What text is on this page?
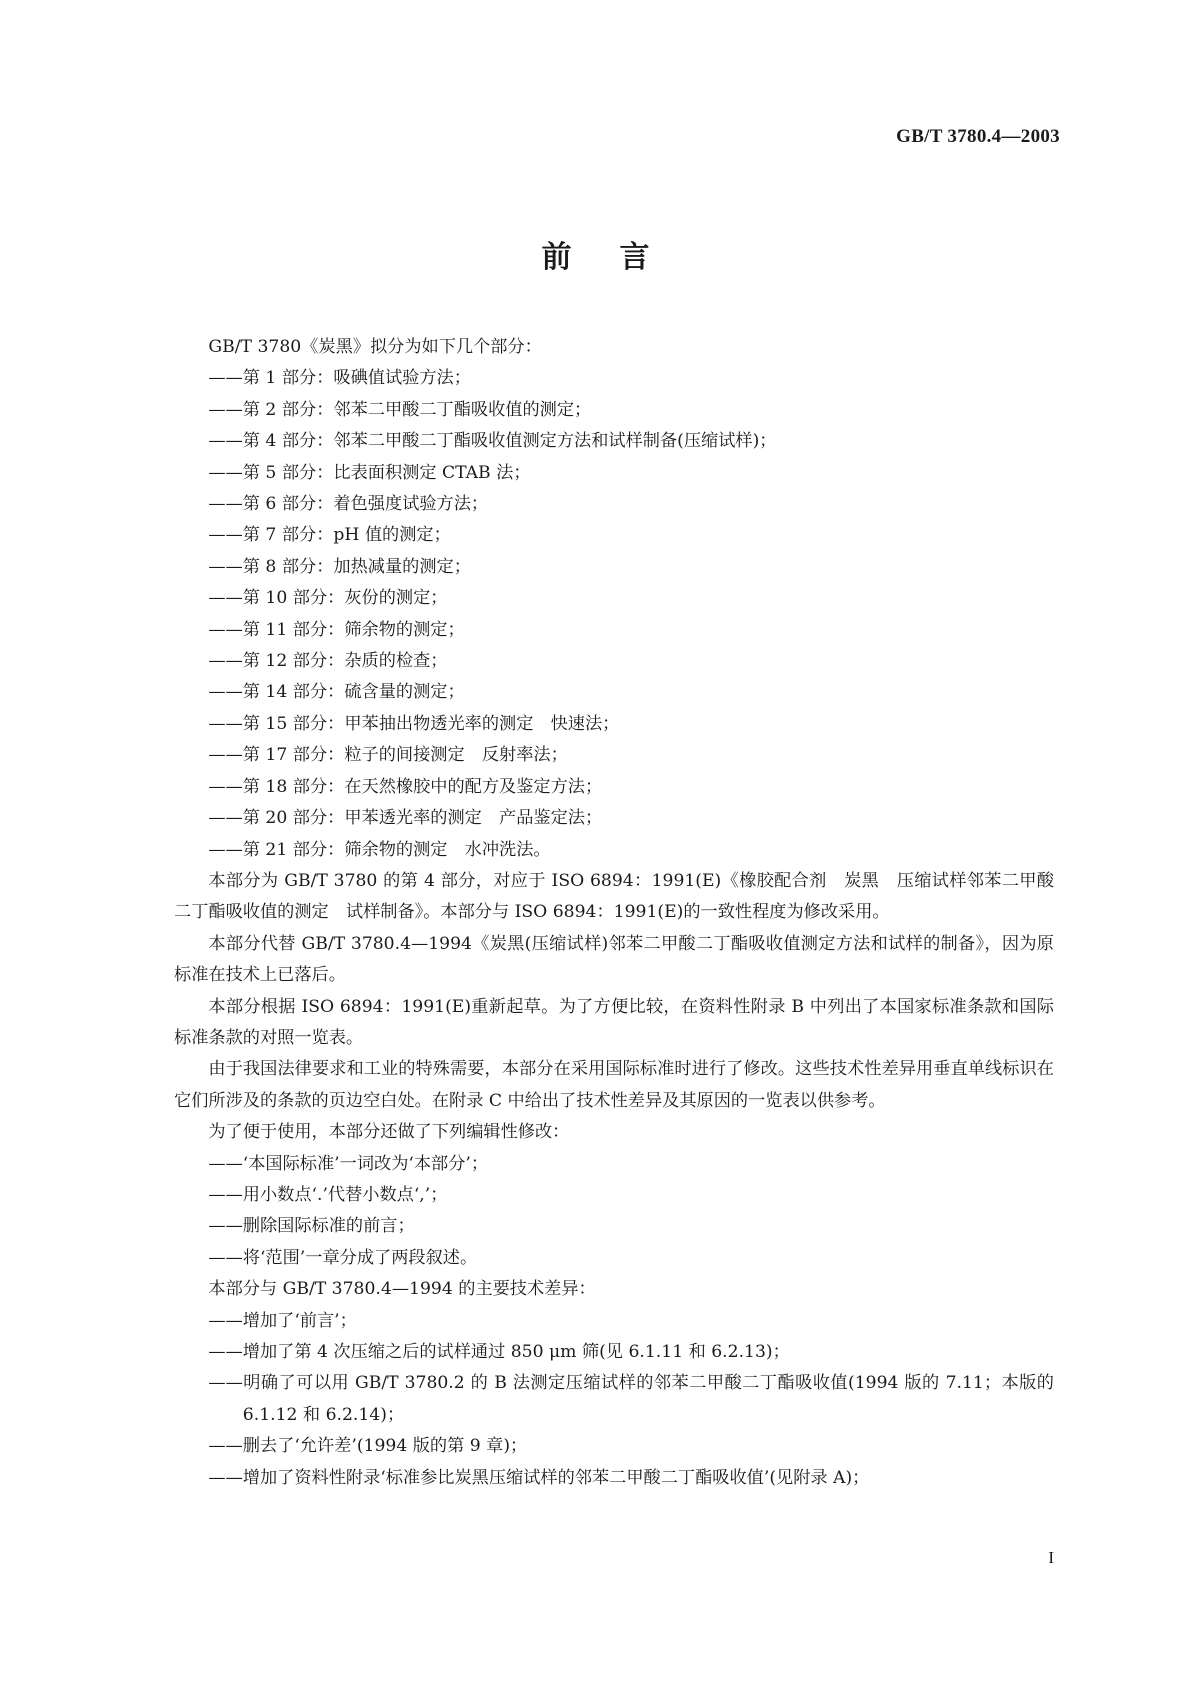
GB/T 3780.4—2003
前言

GB/T 3780《炭黑》拟分为如下几个部分：

——第 1 部分：吸碘值试验方法；

——第 2 部分：邻苯二甲酸二丁酯吸收值的测定；

——第 4 部分：邻苯二甲酸二丁酯吸收值测定方法和试样制备(压缩试样)；

——第 5 部分：比表面积测定 CTAB 法；

——第 6 部分：着色强度试验方法；

——第 7 部分：pH 值的测定；

——第 8 部分：加热减量的测定；

——第 10 部分：灰份的测定；

——第 11 部分：筛余物的测定；

——第 12 部分：杂质的检查；

——第 14 部分：硫含量的测定；

——第 15 部分：甲苯抽出物透光率的测定　快速法；

——第 17 部分：粒子的间接测定　反射率法；

——第 18 部分：在天然橡胶中的配方及鉴定方法；

——第 20 部分：甲苯透光率的测定　产品鉴定法；

——第 21 部分：筛余物的测定　水冲洗法。

本部分为 GB/T 3780 的第 4 部分，对应于 ISO 6894：1991(E)《橡胶配合剂　炭黑　压缩试样邻苯二甲酸二丁酯吸收值的测定　试样制备》。本部分与 ISO 6894：1991(E)的一致性程度为修改采用。

本部分代替 GB/T 3780.4—1994《炭黑(压缩试样)邻苯二甲酸二丁酯吸收值测定方法和试样的制备》，因为原标准在技术上已落后。

本部分根据 ISO 6894：1991(E)重新起草。为了方便比较，在资料性附录 B 中列出了本国家标准条款和国际标准条款的对照一览表。

由于我国法律要求和工业的特殊需要，本部分在采用国际标准时进行了修改。这些技术性差异用垂直单线标识在它们所涉及的条款的页边空白处。在附录 C 中给出了技术性差异及其原因的一览表以供参考。

为了便于使用，本部分还做了下列编辑性修改：

——‘本国际标准’一词改为‘本部分’；

——用小数点‘.’代替小数点‘,’；

——删除国际标准的前言；

——将‘范围’一章分成了两段叙述。

本部分与 GB/T 3780.4—1994 的主要技术差异：

——增加了‘前言’；

——增加了第 4 次压缩之后的试样通过 850 μm 筛(见 6.1.11 和 6.2.13)；

——明确了可以用 GB/T 3780.2 的 B 法测定压缩试样的邻苯二甲酸二丁酯吸收值(1994 版的 7.11；本版的 6.1.12 和 6.2.14)；

——删去了‘允许差’(1994 版的第 9 章)；

——增加了资料性附录‘标准参比炭黑压缩试样的邻苯二甲酸二丁酯吸收值’(见附录 A)；

I
